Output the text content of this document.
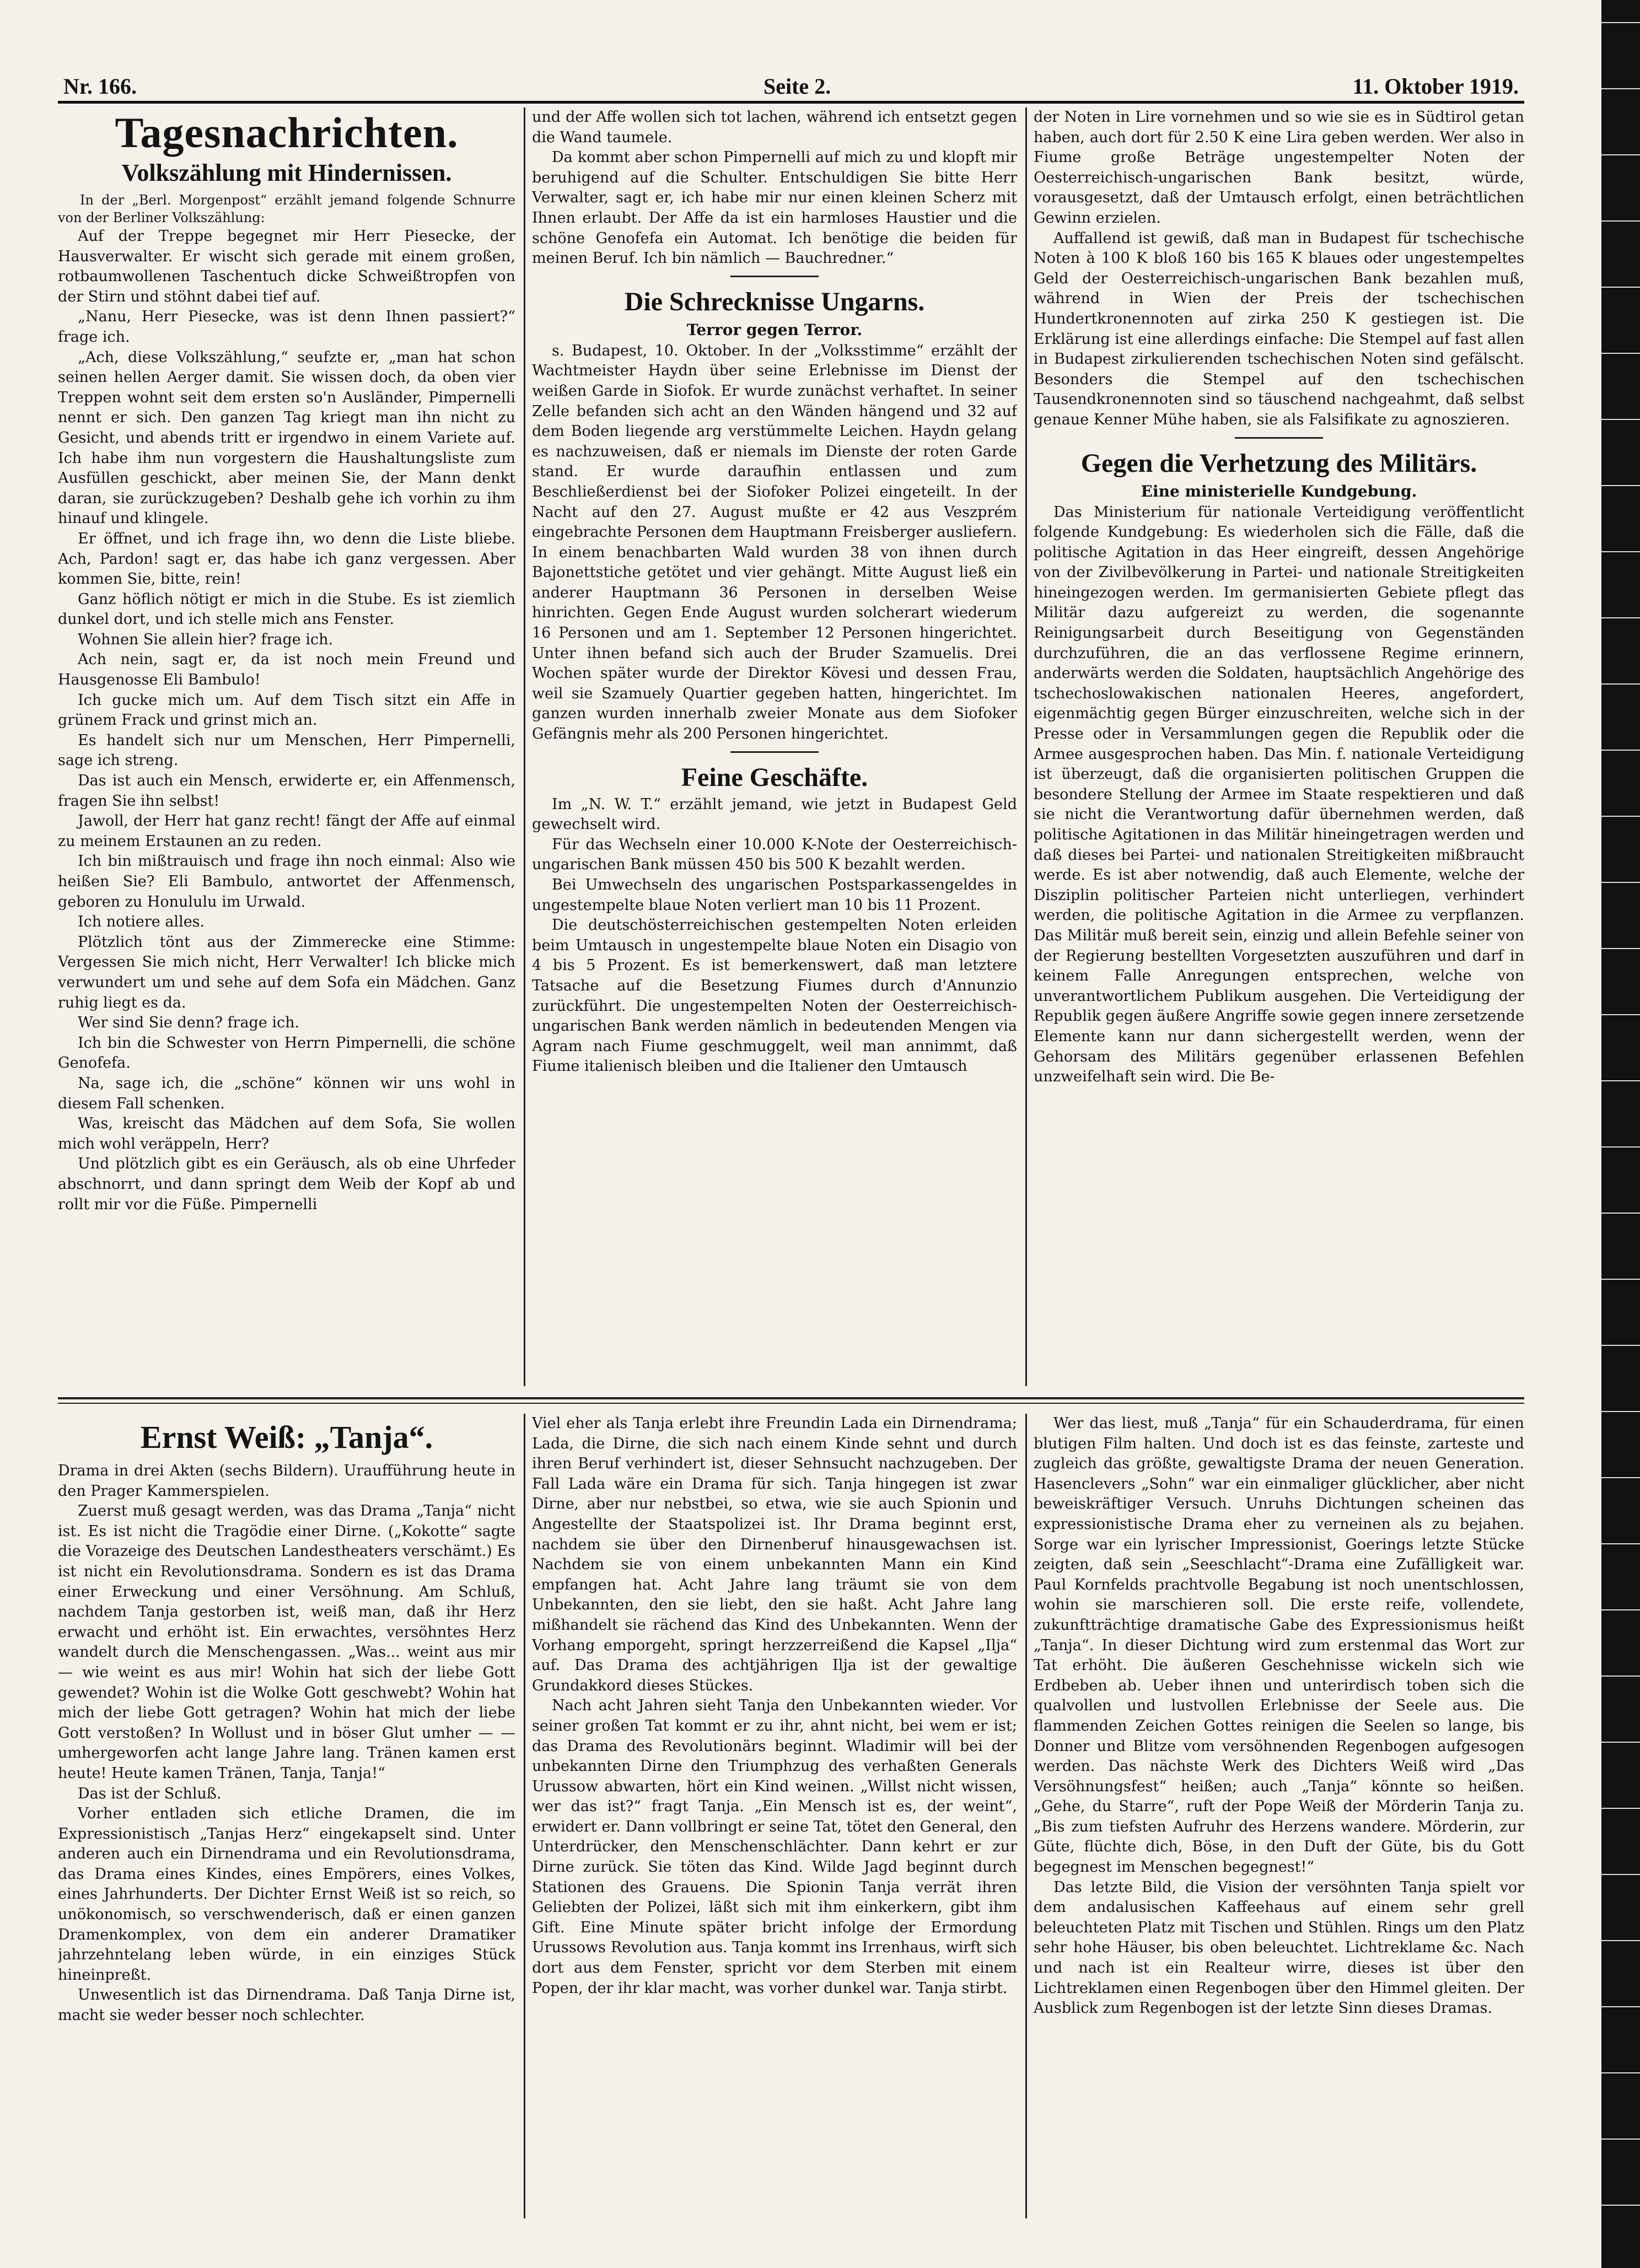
Nr. 166.	Seite 2.	11. Oktober 1919.
Tagesnachrichten.
Volkszählung mit Hindernissen.
In der „Berl. Morgenpost“ erzählt jemand folgende Schnurre von der Berliner Volkszählung:

Auf der Treppe begegnet mir Herr Piesecke, der Hausverwalter. Er wischt sich gerade mit einem großen, rotbaumwollenen Taschentuch dicke Schweißtropfen von der Stirn und stöhnt dabei tief auf.

„Nanu, Herr Piesecke, was ist denn Ihnen passiert?“ frage ich.

„Ach, diese Volkszählung,“ seufzte er, „man hat schon seinen hellen Aerger damit. Sie wissen doch, da oben vier Treppen wohnt seit dem ersten so'n Ausländer, Pimpernelli nennt er sich. Den ganzen Tag kriegt man ihn nicht zu Gesicht, und abends tritt er irgendwo in einem Variete auf. Ich habe ihm nun vorgestern die Haushaltungsliste zum Ausfüllen geschickt, aber meinen Sie, der Mann denkt daran, sie zurückzugeben? Deshalb gehe ich vorhin zu ihm hinauf und klingele.

Er öffnet, und ich frage ihn, wo denn die Liste bliebe. Ach, Pardon! sagt er, das habe ich ganz vergessen. Aber kommen Sie, bitte, rein!

Ganz höflich nötigt er mich in die Stube. Es ist ziemlich dunkel dort, und ich stelle mich ans Fenster.

Wohnen Sie allein hier? frage ich.

Ach nein, sagt er, da ist noch mein Freund und Hausgenosse Eli Bambulo!

Ich gucke mich um. Auf dem Tisch sitzt ein Affe in grünem Frack und grinst mich an.

Es handelt sich nur um Menschen, Herr Pimpernelli, sage ich streng.

Das ist auch ein Mensch, erwiderte er, ein Affenmensch, fragen Sie ihn selbst!

Jawoll, der Herr hat ganz recht! fängt der Affe auf einmal zu meinem Erstaunen an zu reden.

Ich bin mißtrauisch und frage ihn noch einmal: Also wie heißen Sie? Eli Bambulo, antwortet der Affenmensch, geboren zu Honululu im Urwald.

Ich notiere alles.

Plötzlich tönt aus der Zimmerecke eine Stimme: Vergessen Sie mich nicht, Herr Verwalter! Ich blicke mich verwundert um und sehe auf dem Sofa ein Mädchen. Ganz ruhig liegt es da.

Wer sind Sie denn? frage ich.

Ich bin die Schwester von Herrn Pimpernelli, die schöne Genofefa.

Na, sage ich, die „schöne“ können wir uns wohl in diesem Fall schenken.

Was, kreischt das Mädchen auf dem Sofa, Sie wollen mich wohl veräppeln, Herr?

Und plötzlich gibt es ein Geräusch, als ob eine Uhrfeder abschnorrt, und dann springt dem Weib der Kopf ab und rollt mir vor die Füße. Pimpernelli

und der Affe wollen sich tot lachen, während ich entsetzt gegen die Wand taumele.

Da kommt aber schon Pimpernelli auf mich zu und klopft mir beruhigend auf die Schulter. Entschuldigen Sie bitte Herr Verwalter, sagt er, ich habe mir nur einen kleinen Scherz mit Ihnen erlaubt. Der Affe da ist ein harmloses Haustier und die schöne Genofefa ein Automat. Ich benötige die beiden für meinen Beruf. Ich bin nämlich — Bauchredner.“

Die Schrecknisse Ungarns.
Terror gegen Terror.

s. Budapest, 10. Oktober. In der „Volksstimme“ erzählt der Wachtmeister Haydn über seine Erlebnisse im Dienst der weißen Garde in Siofok. Er wurde zunächst verhaftet. In seiner Zelle befanden sich acht an den Wänden hängend und 32 auf dem Boden liegende arg verstümmelte Leichen. Haydn gelang es nachzuweisen, daß er niemals im Dienste der roten Garde stand. Er wurde daraufhin entlassen und zum Beschließerdienst bei der Siofoker Polizei eingeteilt. In der Nacht auf den 27. August mußte er 42 aus Veszprém eingebrachte Personen dem Hauptmann Freisberger ausliefern. In einem benachbarten Wald wurden 38 von ihnen durch Bajonettstiche getötet und vier gehängt. Mitte August ließ ein anderer Hauptmann 36 Personen in derselben Weise hinrichten. Gegen Ende August wurden solcherart wiederum 16 Personen und am 1. September 12 Personen hingerichtet. Unter ihnen befand sich auch der Bruder Szamuelis. Drei Wochen später wurde der Direktor Kövesi und dessen Frau, weil sie Szamuely Quartier gegeben hatten, hingerichtet. Im ganzen wurden innerhalb zweier Monate aus dem Siofoker Gefängnis mehr als 200 Personen hingerichtet.

Feine Geschäfte.

Im „N. W. T.“ erzählt jemand, wie jetzt in Budapest Geld gewechselt wird.

Für das Wechseln einer 10.000 K-Note der Oesterreichisch-ungarischen Bank müssen 450 bis 500 K bezahlt werden.

Bei Umwechseln des ungarischen Postsparkassengeldes in ungestempelte blaue Noten verliert man 10 bis 11 Prozent.

Die deutschösterreichischen gestempelten Noten erleiden beim Umtausch in ungestempelte blaue Noten ein Disagio von 4 bis 5 Prozent. Es ist bemerkenswert, daß man letztere Tatsache auf die Besetzung Fiumes durch d'Annunzio zurückführt. Die ungestempelten Noten der Oesterreichisch-ungarischen Bank werden nämlich in bedeutenden Mengen via Agram nach Fiume geschmuggelt, weil man annimmt, daß Fiume italienisch bleiben und die Italiener den Umtausch

der Noten in Lire vornehmen und so wie sie es in Südtirol getan haben, auch dort für 2.50 K eine Lira geben werden. Wer also in Fiume große Beträge ungestempelter Noten der Oesterreichisch-ungarischen Bank besitzt, würde, vorausgesetzt, daß der Umtausch erfolgt, einen beträchtlichen Gewinn erzielen.

Auffallend ist gewiß, daß man in Budapest für tschechische Noten à 100 K bloß 160 bis 165 K blaues oder ungestempeltes Geld der Oesterreichisch-ungarischen Bank bezahlen muß, während in Wien der Preis der tschechischen Hundertkronennoten auf zirka 250 K gestiegen ist. Die Erklärung ist eine allerdings einfache: Die Stempel auf fast allen in Budapest zirkulierenden tschechischen Noten sind gefälscht. Besonders die Stempel auf den tschechischen Tausendkronennoten sind so täuschend nachgeahmt, daß selbst genaue Kenner Mühe haben, sie als Falsifikate zu agnoszieren.

Gegen die Verhetzung des Militärs.
Eine ministerielle Kundgebung.

Das Ministerium für nationale Verteidigung veröffentlicht folgende Kundgebung: Es wiederholen sich die Fälle, daß die politische Agitation in das Heer eingreift, dessen Angehörige von der Zivilbevölkerung in Partei- und nationale Streitigkeiten hineingezogen werden. Im germanisierten Gebiete pflegt das Militär dazu aufgereizt zu werden, die sogenannte Reinigungsarbeit durch Beseitigung von Gegenständen durchzuführen, die an das verflossene Regime erinnern, anderwärts werden die Soldaten, hauptsächlich Angehörige des tschechoslowakischen nationalen Heeres, angefordert, eigenmächtig gegen Bürger einzuschreiten, welche sich in der Presse oder in Versammlungen gegen die Republik oder die Armee ausgesprochen haben. Das Min. f. nationale Verteidigung ist überzeugt, daß die organisierten politischen Gruppen die besondere Stellung der Armee im Staate respektieren und daß sie nicht die Verantwortung dafür übernehmen werden, daß politische Agitationen in das Militär hineingetragen werden und daß dieses bei Partei- und nationalen Streitigkeiten mißbraucht werde. Es ist aber notwendig, daß auch Elemente, welche der Disziplin politischer Parteien nicht unterliegen, verhindert werden, die politische Agitation in die Armee zu verpflanzen. Das Militär muß bereit sein, einzig und allein Befehle seiner von der Regierung bestellten Vorgesetzten auszuführen und darf in keinem Falle Anregungen entsprechen, welche von unverantwortlichem Publikum ausgehen. Die Verteidigung der Republik gegen äußere Angriffe sowie gegen innere zersetzende Elemente kann nur dann sichergestellt werden, wenn der Gehorsam des Militärs gegenüber erlassenen Befehlen unzweifelhaft sein wird. Die Be-

Ernst Weiß: „Tanja“.

Drama in drei Akten (sechs Bildern). Uraufführung heute in den Prager Kammerspielen.

Zuerst muß gesagt werden, was das Drama „Tanja“ nicht ist. Es ist nicht die Tragödie einer Dirne. („Kokotte“ sagte die Vorazeige des Deutschen Landestheaters verschämt.) Es ist nicht ein Revolutionsdrama. Sondern es ist das Drama einer Erweckung und einer Versöhnung. Am Schluß, nachdem Tanja gestorben ist, weiß man, daß ihr Herz erwacht und erhöht ist. Ein erwachtes, versöhntes Herz wandelt durch die Menschengassen. „Was... weint aus mir — wie weint es aus mir! Wohin hat sich der liebe Gott gewendet? Wohin ist die Wolke Gott geschwebt? Wohin hat mich der liebe Gott getragen? Wohin hat mich der liebe Gott verstoßen? In Wollust und in böser Glut umher — — umhergeworfen acht lange Jahre lang. Tränen kamen erst heute! Heute kamen Tränen, Tanja, Tanja!“

Das ist der Schluß.

Vorher entladen sich etliche Dramen, die im Expressionistisch „Tanjas Herz“ eingekapselt sind. Unter anderen auch ein Dirnendrama und ein Revolutionsdrama, das Drama eines Kindes, eines Empörers, eines Volkes, eines Jahrhunderts. Der Dichter Ernst Weiß ist so reich, so unökonomisch, so verschwenderisch, daß er einen ganzen Dramenkomplex, von dem ein anderer Dramatiker jahrzehntelang leben würde, in ein einziges Stück hineinpreßt.

Unwesentlich ist das Dirnendrama. Daß Tanja Dirne ist, macht sie weder besser noch schlechter.

Viel eher als Tanja erlebt ihre Freundin Lada ein Dirnendrama; Lada, die Dirne, die sich nach einem Kinde sehnt und durch ihren Beruf verhindert ist, dieser Sehnsucht nachzugeben. Der Fall Lada wäre ein Drama für sich. Tanja hingegen ist zwar Dirne, aber nur nebstbei, so etwa, wie sie auch Spionin und Angestellte der Staatspolizei ist. Ihr Drama beginnt erst, nachdem sie über den Dirnenberuf hinausgewachsen ist. Nachdem sie von einem unbekannten Mann ein Kind empfangen hat. Acht Jahre lang träumt sie von dem Unbekannten, den sie liebt, den sie haßt. Acht Jahre lang mißhandelt sie rächend das Kind des Unbekannten. Wenn der Vorhang emporgeht, springt herzzerreißend die Kapsel „Ilja“ auf. Das Drama des achtjährigen Ilja ist der gewaltige Grundakkord dieses Stückes.

Nach acht Jahren sieht Tanja den Unbekannten wieder. Vor seiner großen Tat kommt er zu ihr, ahnt nicht, bei wem er ist; das Drama des Revolutionärs beginnt. Wladimir will bei der unbekannten Dirne den Triumphzug des verhaßten Generals Urussow abwarten, hört ein Kind weinen. „Willst nicht wissen, wer das ist?“ fragt Tanja. „Ein Mensch ist es, der weint“, erwidert er. Dann vollbringt er seine Tat, tötet den General, den Unterdrücker, den Menschenschlächter. Dann kehrt er zur Dirne zurück. Sie töten das Kind. Wilde Jagd beginnt durch Stationen des Grauens. Die Spionin Tanja verrät ihren Geliebten der Polizei, läßt sich mit ihm einkerkern, gibt ihm Gift. Eine Minute später bricht infolge der Ermordung Urussows Revolution aus. Tanja kommt ins Irrenhaus, wirft sich dort aus dem Fenster, spricht vor dem Sterben mit einem Popen, der ihr klar macht, was vorher dunkel war. Tanja stirbt.

Wer das liest, muß „Tanja“ für ein Schauderdrama, für einen blutigen Film halten. Und doch ist es das feinste, zarteste und zugleich das größte, gewaltigste Drama der neuen Generation. Hasenclevers „Sohn“ war ein einmaliger glücklicher, aber nicht beweiskräftiger Versuch. Unruhs Dichtungen scheinen das expressionistische Drama eher zu verneinen als zu bejahen. Sorge war ein lyrischer Impressionist, Goerings letzte Stücke zeigten, daß sein „Seeschlacht“-Drama eine Zufälligkeit war. Paul Kornfelds prachtvolle Begabung ist noch unentschlossen, wohin sie marschieren soll. Die erste reife, vollendete, zukunftträchtige dramatische Gabe des Expressionismus heißt „Tanja“. In dieser Dichtung wird zum erstenmal das Wort zur Tat erhöht. Die äußeren Geschehnisse wickeln sich wie Erdbeben ab. Ueber ihnen und unterirdisch toben sich die qualvollen und lustvollen Erlebnisse der Seele aus. Die flammenden Zeichen Gottes reinigen die Seelen so lange, bis Donner und Blitze vom versöhnenden Regenbogen aufgesogen werden. Das nächste Werk des Dichters Weiß wird „Das Versöhnungsfest“ heißen; auch „Tanja“ könnte so heißen. „Gehe, du Starre“, ruft der Pope Weiß der Mörderin Tanja zu. „Bis zum tiefsten Aufruhr des Herzens wandere. Mörderin, zur Güte, flüchte dich, Böse, in den Duft der Güte, bis du Gott begegnest im Menschen begegnest!“

Das letzte Bild, die Vision der versöhnten Tanja spielt vor dem andalusischen Kaffeehaus auf einem sehr grell beleuchteten Platz mit Tischen und Stühlen. Rings um den Platz sehr hohe Häuser, bis oben beleuchtet. Lichtreklame &c. Nach und nach ist ein Realteur wirre, dieses ist über den Lichtreklamen einen Regenbogen über den Himmel gleiten. Der Ausblick zum Regenbogen ist der letzte Sinn dieses Dramas.
